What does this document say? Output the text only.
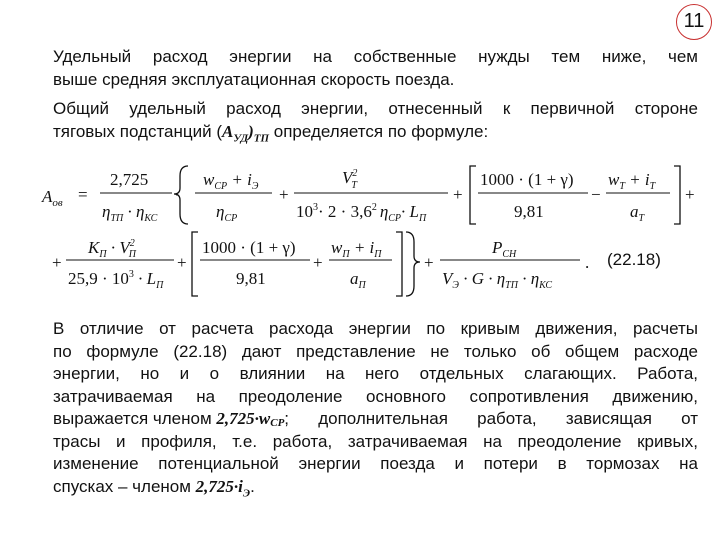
11
Удельный расход энергии на собственные нужды тем ниже, чем
выше средняя эксплуатационная скорость поезда.
Общий удельный расход энергии, отнесенный к первичной стороне
тяговых подстанций $(A_{УД})_{ТП}$ определяется по формуле:
$A_{ов}$ =
2,725
$\eta_{ТП} \cdot \eta_{КС}$
·
$w_{СР} + i_Э$
$\eta_{СР}$
+
$V^2$ Т
$10^3\cdot 2 \cdot 3,6^2$ $\eta_{СР}\cdot L_П$
+
1000 · (1 + γ)
9,81
−
$w_Т + i_Т$
$a_Т$
+
+
$K_П \cdot V^2$ П
$25,9 \cdot 10^3 \cdot L_П$
+
1000 · (1 + γ)
9,81
+
$w_П + i_П$
$a_П$
+
$P_{СН}$
$V_Э \cdot G \cdot \eta_{ТП} \cdot \eta_{КС}$
. (22.18)
В отличие от расчета расхода энергии по кривым движения, расчеты
по формуле (22.18) дают представление не только об общем расходе
энергии, но и о влиянии на него отдельных слагающих. Работа,
затрачиваемая на преодоление основного сопротивления движению,
выражается членом $2,725\cdot w_{СР}$ ; дополнительная работа, зависящая от
трасы и профиля, т.е. работа, затрачиваемая на преодоление кривых,
изменение потенциальной энергии поезда и потери в тормозах на
спусках – членом $2,725\cdot i_Э$.
